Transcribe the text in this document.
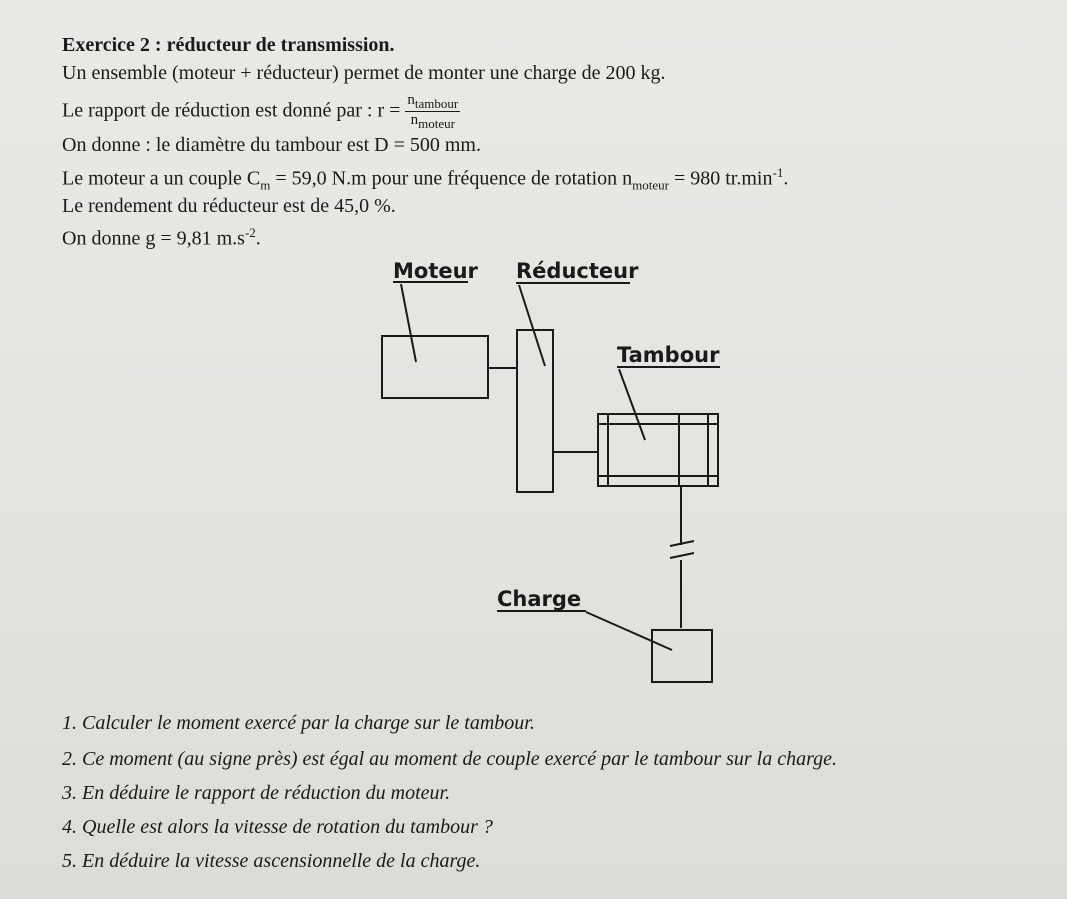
Exercice 2 : réducteur de transmission.
Un ensemble (moteur + réducteur) permet de monter une charge de 200 kg.
Le rapport de réduction est donné par : $r = \frac{n_{tambour}}{n_{moteur}}$
On donne : le diamètre du tambour est D = 500 mm.
Le moteur a un couple $C_m = 59,0$ N.m pour une fréquence de rotation $n_{moteur} = 980$ $tr.\min^{-1}$.
Le rendement du réducteur est de 45,0 %.
On donne g = 9,81 $m.s^{-2}$.
Moteur Réducteur
Tambour
Charge
1. Calculer le moment exercé par la charge sur le tambour.
2. Ce moment (au signe près) est égal au moment de couple exercé par le tambour sur la charge.
3. En déduire le rapport de réduction du moteur.
4. Quelle est alors la vitesse de rotation du tambour ?
5. En déduire la vitesse ascensionnelle de la charge.
